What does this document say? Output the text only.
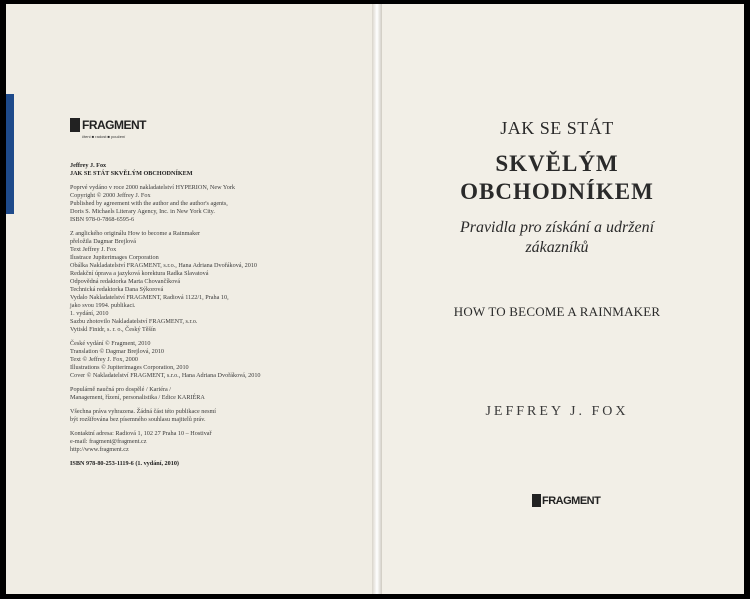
FRAGMENT
čtení ■ radost ■ poučení
Jeffrey J. Fox
JAK SE STÁT SKVĚLÝM OBCHODNÍKEM
Poprvé vydáno v roce 2000 nakladatelství HYPERION, New York
Copyright © 2000 Jeffrey J. Fox
Published by agreement with the author and the author's agents,
Doris S. Michaels Literary Agency, Inc. in New York City.
ISBN 978-0-7868-6595-6
Z anglického originálu How to become a Rainmaker
přeložila Dagmar Brejlová
Text Jeffrey J. Fox
Ilustrace Jupiterimages Corporation
Obálka Nakladatelství FRAGMENT, s.r.o., Hana Adriana Dvořáková, 2010
Redakční úprava a jazyková korektura Radka Slavatová
Odpovědná redaktorka Marta Chovančíková
Technická redaktorka Dana Sýkorová
Vydalo Nakladatelství FRAGMENT, Radiová 1122/1, Praha 10,
jako svou 1994. publikaci.
1. vydání, 2010
Sazbu zhotovilo Nakladatelství FRAGMENT, s.r.o.
Vytiskl Finidr, s. r. o., Český Těšín
České vydání © Fragment, 2010
Translation © Dagmar Brejlová, 2010
Text © Jeffrey J. Fox, 2000
Illustrations © Jupiterimages Corporation, 2010
Cover © Nakladatelství FRAGMENT, s.r.o., Hana Adriana Dvořáková, 2010
Populárně naučná pro dospělé / Kariéra /
Management, řízení, personalistika / Edice KARIÉRA
Všechna práva vyhrazena. Žádná část této publikace nesmí
být rozšiřována bez písemného souhlasu majitelů práv.
Kontaktní adresa: Radiová 1, 102 27 Praha 10 – Hostivař
e-mail: fragment@fragment.cz
http://www.fragment.cz
ISBN 978-80-253-1119-6 (1. vydání, 2010)
JAK SE STÁT
SKVĚLÝM
OBCHODNÍKEM
Pravidla pro získání a udržení zákazníků
HOW TO BECOME A RAINMAKER
JEFFREY J. FOX
FRAGMENT
